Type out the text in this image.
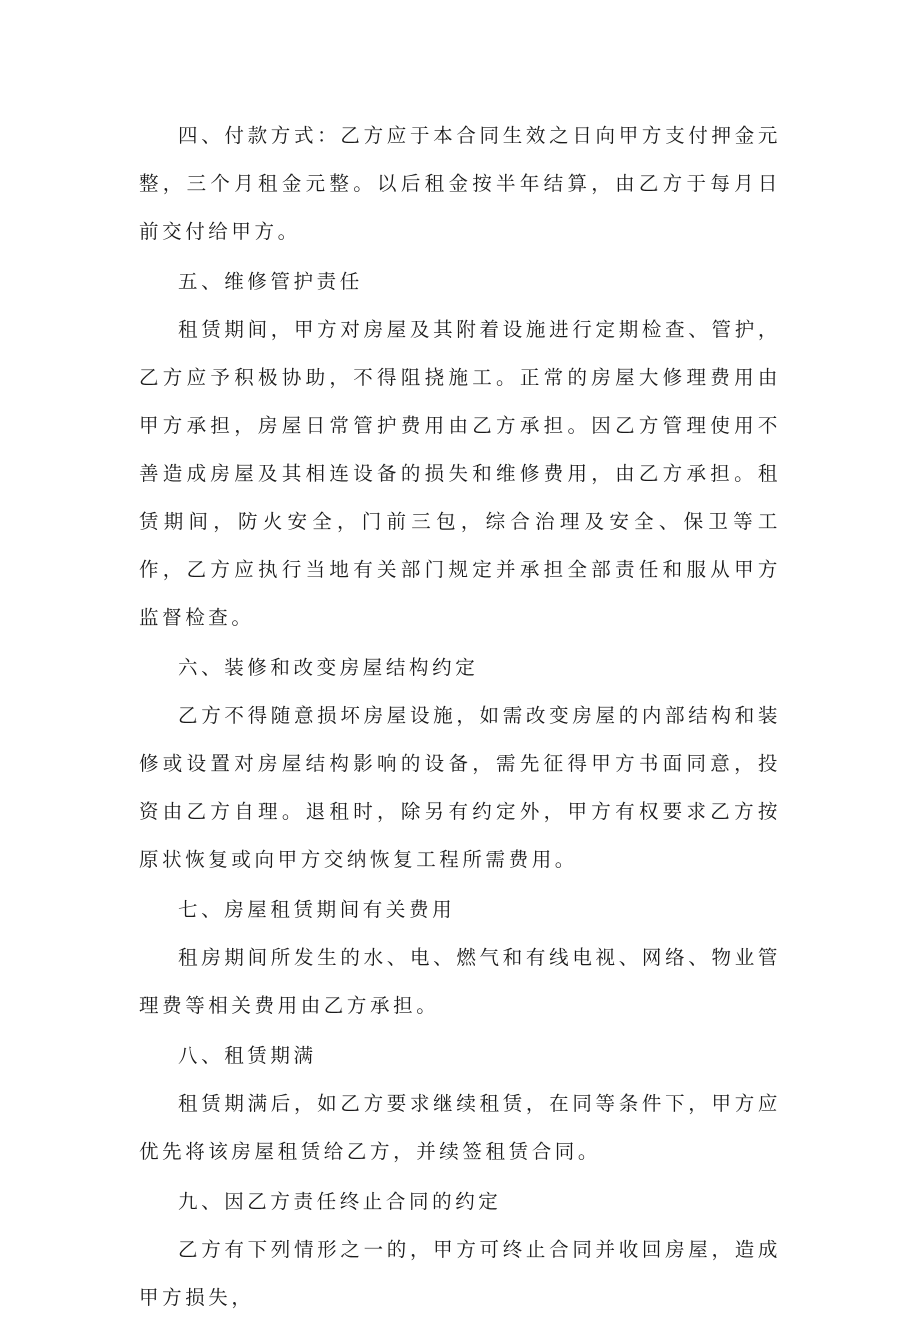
四、付款方式：乙方应于本合同生效之日向甲方支付押金元整，三个月租金元整。以后租金按半年结算，由乙方于每月日前交付给甲方。

五、维修管护责任

租赁期间，甲方对房屋及其附着设施进行定期检查、管护，乙方应予积极协助，不得阻挠施工。正常的房屋大修理费用由甲方承担，房屋日常管护费用由乙方承担。因乙方管理使用不善造成房屋及其相连设备的损失和维修费用，由乙方承担。租赁期间，防火安全，门前三包，综合治理及安全、保卫等工作，乙方应执行当地有关部门规定并承担全部责任和服从甲方监督检查。

六、装修和改变房屋结构约定

乙方不得随意损坏房屋设施，如需改变房屋的内部结构和装修或设置对房屋结构影响的设备，需先征得甲方书面同意，投资由乙方自理。退租时，除另有约定外，甲方有权要求乙方按原状恢复或向甲方交纳恢复工程所需费用。

七、房屋租赁期间有关费用

租房期间所发生的水、电、燃气和有线电视、网络、物业管理费等相关费用由乙方承担。

八、租赁期满

租赁期满后，如乙方要求继续租赁，在同等条件下，甲方应优先将该房屋租赁给乙方，并续签租赁合同。

九、因乙方责任终止合同的约定

乙方有下列情形之一的，甲方可终止合同并收回房屋，造成甲方损失，
